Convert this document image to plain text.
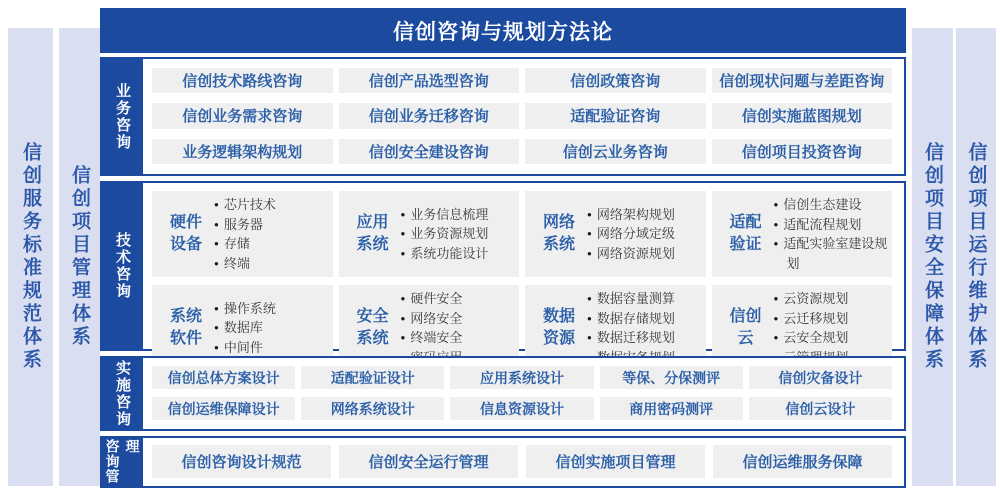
信创服务标准规范体系 信创项目管理体系	信创项目安全保障体系 信创项目运行维护体系
信创咨询与规划方法论
业务咨询
信创技术路线咨询	信创产品选型咨询	信创政策咨询	信创现状问题与差距咨询
信创业务需求咨询	信创业务迁移咨询	适配验证咨询	信创实施蓝图规划
业务逻辑架构规划	信创安全建设咨询	信创云业务咨询	信创项目投资咨询
技术咨询
硬件设备
● 芯片技术
● 服务器
● 存储
● 终端
应用系统
● 业务信息梳理
● 业务资源规划
● 系统功能设计
网络系统
● 网络架构规划
● 网络分域定级
● 网络资源规划
适配验证
● 信创生态建设
● 适配流程规划
● 适配实验室建设规划
系统软件
● 操作系统
● 数据库
● 中间件
安全系统
● 硬件安全
● 网络安全
● 终端安全
●
数据资源
● 数据容量测算
● 数据存储规划
● 数据迁移规划
●
信创云
● 云资源规划
● 云迁移规划
● 云安全规划
●
实施咨询	信创总体方案设计	适配验证设计	应用系统设计	等保、分保测评	信创灾备设计
信创运维保障设计	网络系统设计	信息资源设计	商用密码测评	信创云设计
咨询管理
信创咨询设计规范	信创安全运行管理	信创实施项目管理	信创运维服务保障
